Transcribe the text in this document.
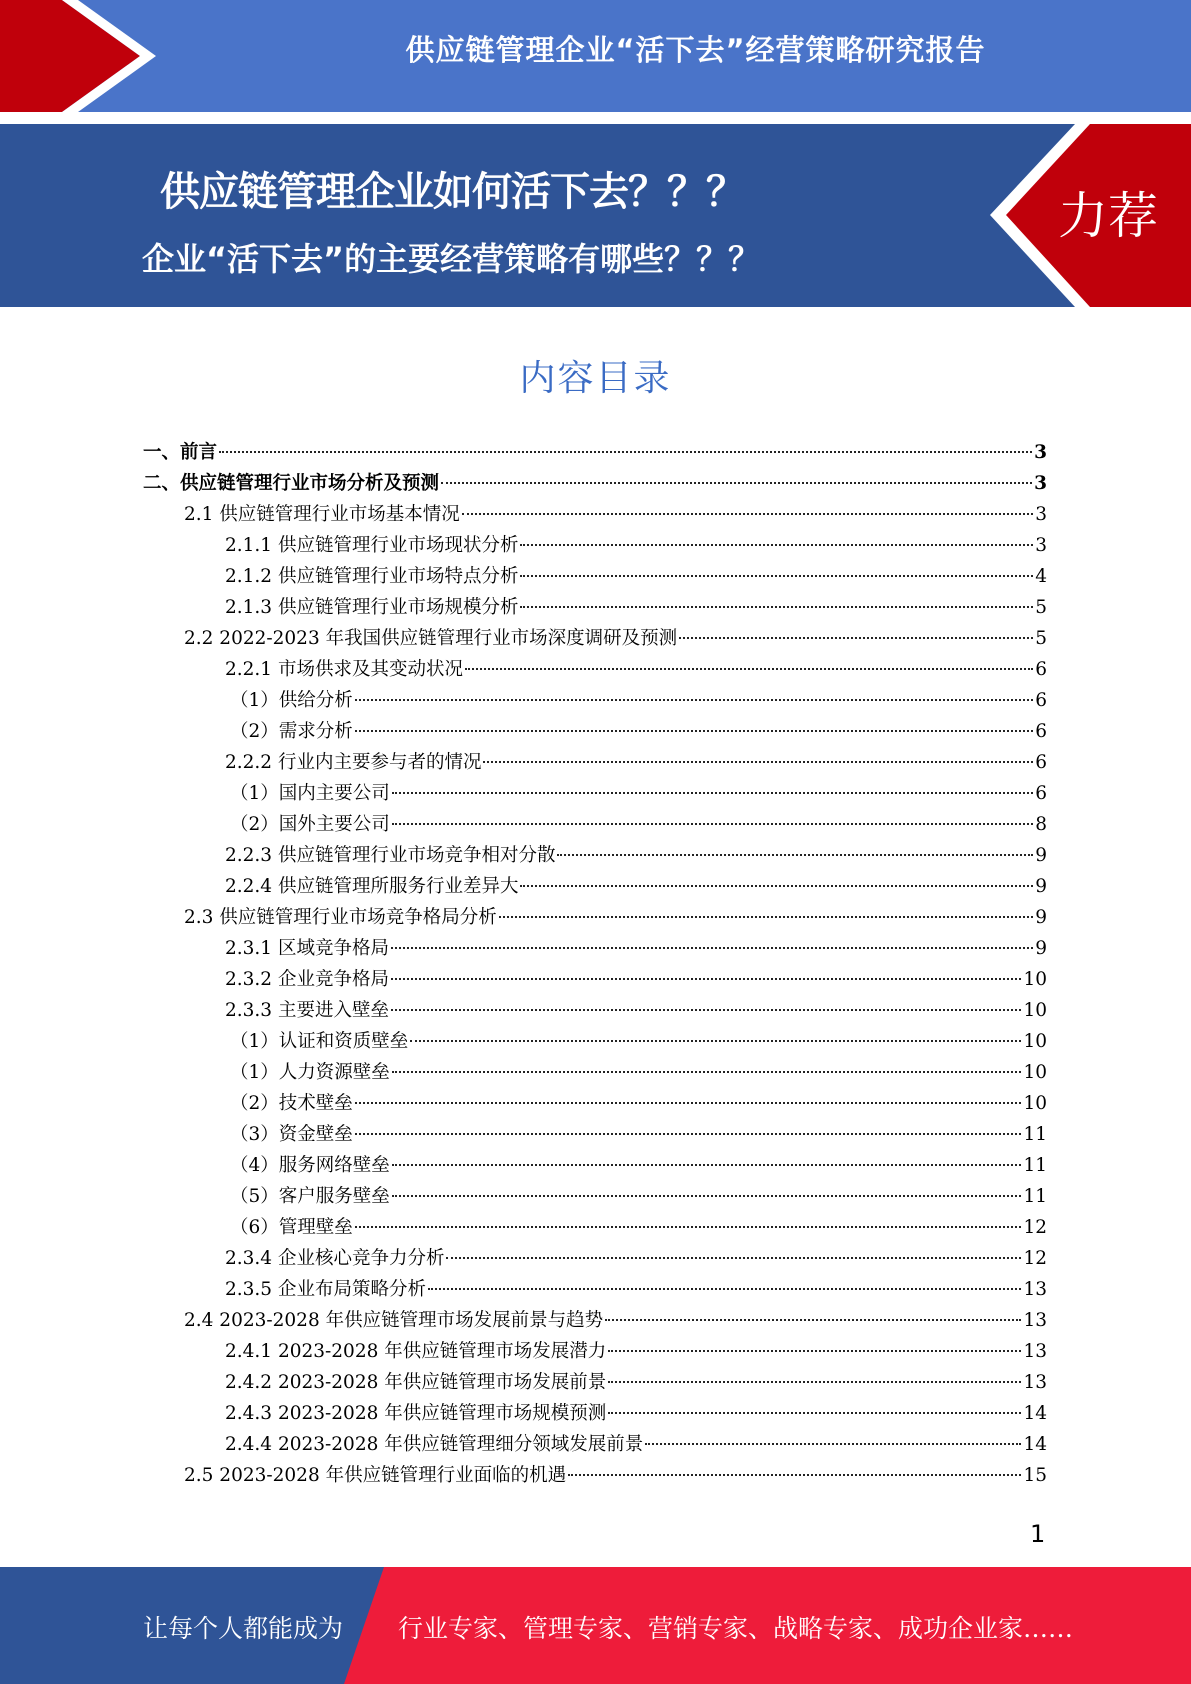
供应链管理企业“活下去”经营策略研究报告
供应链管理企业如何活下去？？？
企业“活下去”的主要经营策略有哪些？？？
力荐
内容目录
一、前言	3
二、供应链管理行业市场分析及预测	3
2.1 供应链管理行业市场基本情况	3
2.1.1 供应链管理行业市场现状分析	3
2.1.2 供应链管理行业市场特点分析	4
2.1.3 供应链管理行业市场规模分析	5
2.2 2022-2023 年我国供应链管理行业市场深度调研及预测	5
2.2.1 市场供求及其变动状况	6
（1）供给分析	6
（2）需求分析	6
2.2.2 行业内主要参与者的情况	6
（1）国内主要公司	6
（2）国外主要公司	8
2.2.3 供应链管理行业市场竞争相对分散	9
2.2.4 供应链管理所服务行业差异大	9
2.3 供应链管理行业市场竞争格局分析	9
2.3.1 区域竞争格局	9
2.3.2 企业竞争格局	10
2.3.3 主要进入壁垒	10
（1）认证和资质壁垒	10
（1）人力资源壁垒	10
（2）技术壁垒	10
（3）资金壁垒	11
（4）服务网络壁垒	11
（5）客户服务壁垒	11
（6）管理壁垒	12
2.3.4 企业核心竞争力分析	12
2.3.5 企业布局策略分析	13
2.4 2023-2028 年供应链管理市场发展前景与趋势	13
2.4.1 2023-2028 年供应链管理市场发展潜力	13
2.4.2 2023-2028 年供应链管理市场发展前景	13
2.4.3 2023-2028 年供应链管理市场规模预测	14
2.4.4 2023-2028 年供应链管理细分领域发展前景	14
2.5 2023-2028 年供应链管理行业面临的机遇	15
1
让每个人都能成为 行业专家、管理专家、营销专家、战略专家、成功企业家……
